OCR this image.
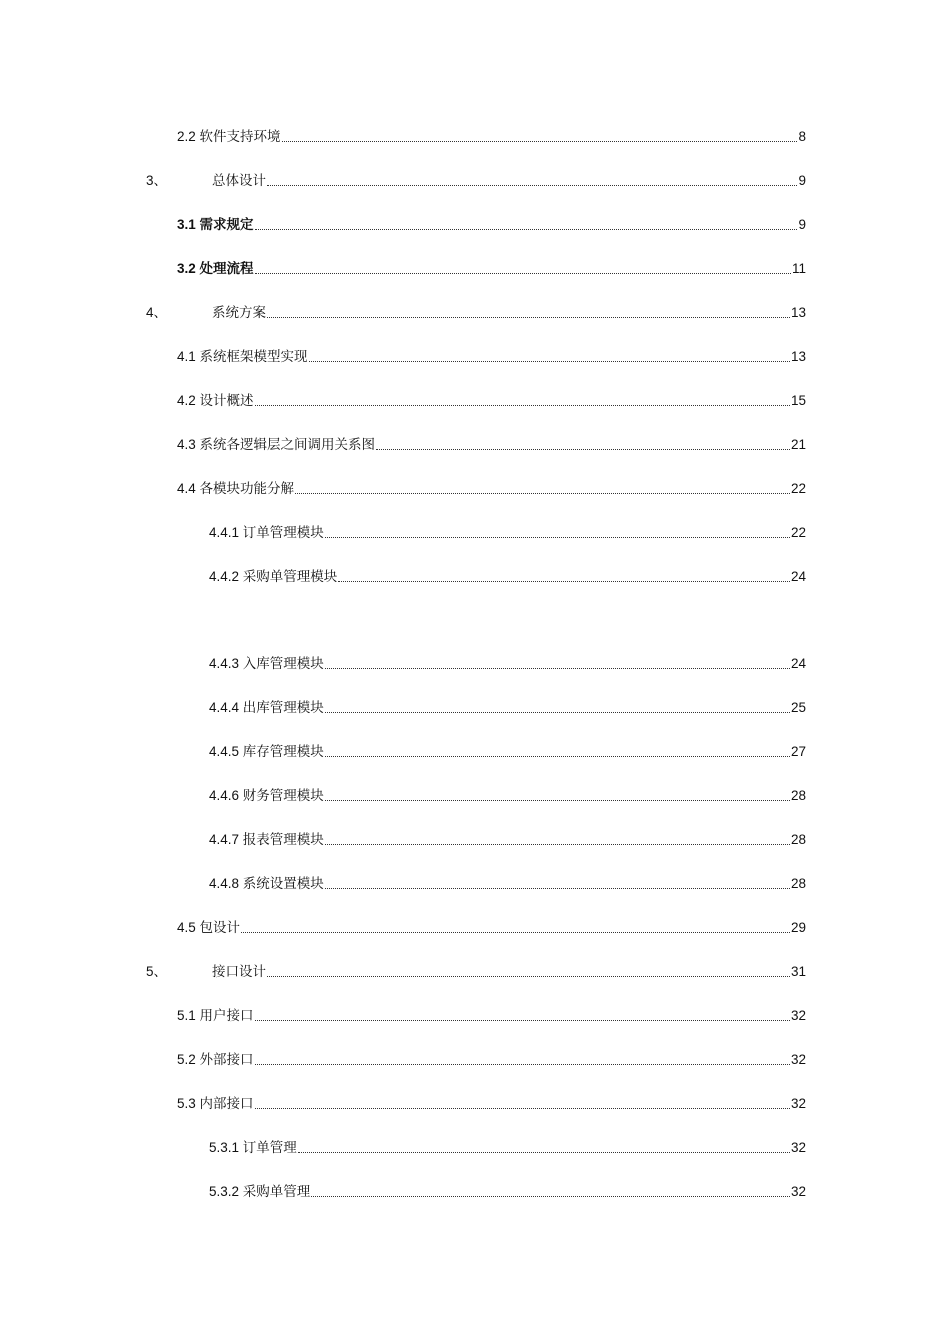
2.2 软件支持环境	8
3、	总体设计	9
3.1 需求规定	9
3.2 处理流程	11
4、	系统方案	13
4.1 系统框架模型实现	13
4.2 设计概述	15
4.3 系统各逻辑层之间调用关系图	21
4.4 各模块功能分解	22
4.4.1 订单管理模块	22
4.4.2 采购单管理模块	24
4.4.3 入库管理模块	24
4.4.4 出库管理模块	25
4.4.5 库存管理模块	27
4.4.6 财务管理模块	28
4.4.7 报表管理模块	28
4.4.8 系统设置模块	28
4.5 包设计	29
5、	接口设计	31
5.1 用户接口	32
5.2 外部接口	32
5.3 内部接口	32
5.3.1 订单管理	32
5.3.2 采购单管理	32
